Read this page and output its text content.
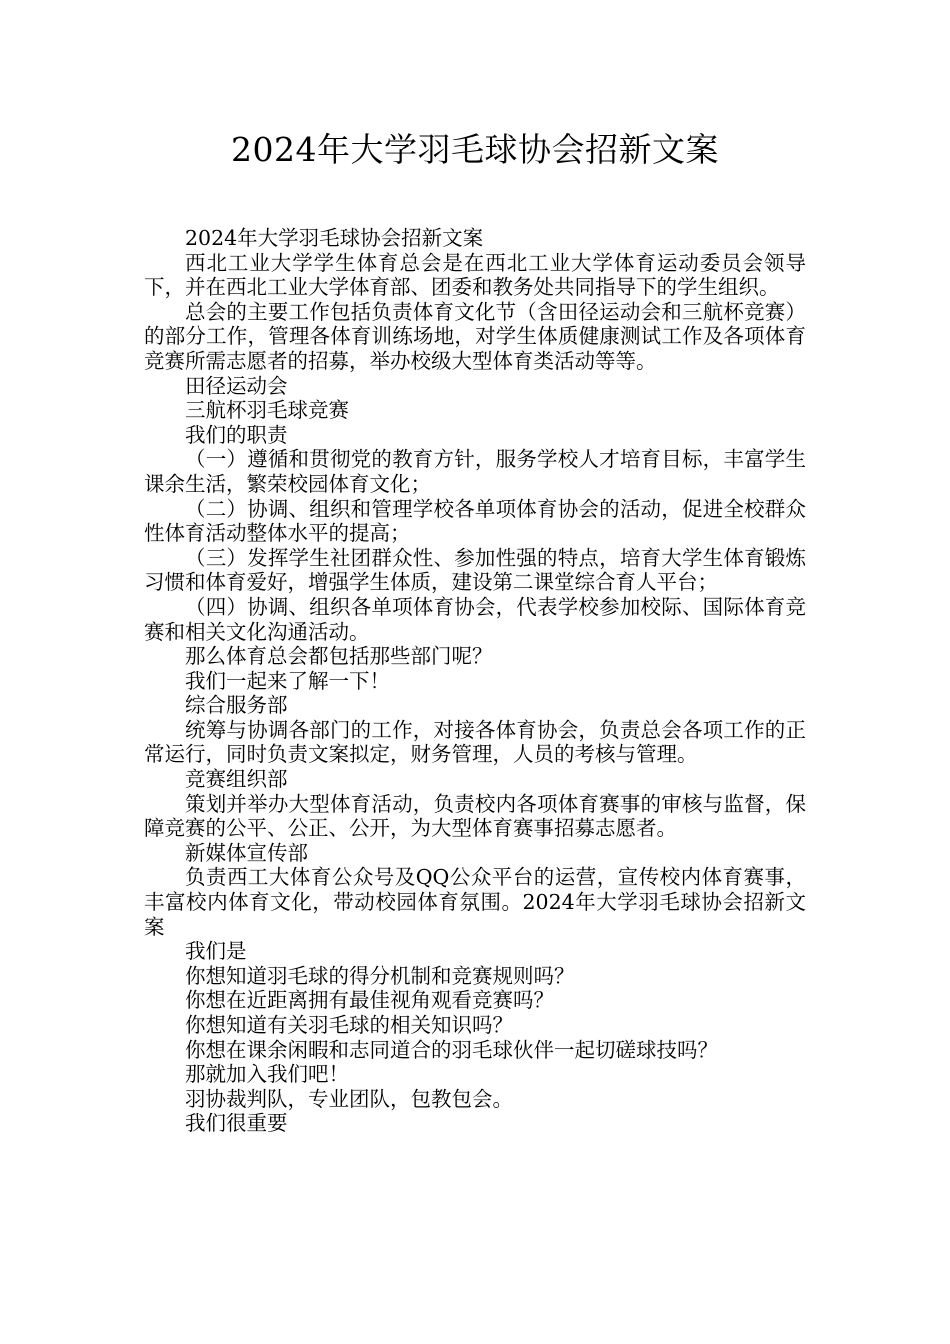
2024年大学羽毛球协会招新文案

2024年大学羽毛球协会招新文案

西北工业大学学生体育总会是在西北工业大学体育运动委员会领导下，并在西北工业大学体育部、团委和教务处共同指导下的学生组织。

总会的主要工作包括负责体育文化节（含田径运动会和三航杯竞赛）的部分工作，管理各体育训练场地，对学生体质健康测试工作及各项体育竞赛所需志愿者的招募，举办校级大型体育类活动等等。

田径运动会

三航杯羽毛球竞赛

我们的职责

（一）遵循和贯彻党的教育方针，服务学校人才培育目标，丰富学生课余生活，繁荣校园体育文化；

（二）协调、组织和管理学校各单项体育协会的活动，促进全校群众性体育活动整体水平的提高；

（三）发挥学生社团群众性、参加性强的特点，培育大学生体育锻炼习惯和体育爱好，增强学生体质，建设第二课堂综合育人平台；

（四）协调、组织各单项体育协会，代表学校参加校际、国际体育竞赛和相关文化沟通活动。

那么体育总会都包括那些部门呢？

我们一起来了解一下！

综合服务部

统筹与协调各部门的工作，对接各体育协会，负责总会各项工作的正常运行，同时负责文案拟定，财务管理，人员的考核与管理。

竞赛组织部

策划并举办大型体育活动，负责校内各项体育赛事的审核与监督，保障竞赛的公平、公正、公开，为大型体育赛事招募志愿者。

新媒体宣传部

负责西工大体育公众号及QQ公众平台的运营，宣传校内体育赛事，丰富校内体育文化，带动校园体育氛围。2024年大学羽毛球协会招新文案

我们是

你想知道羽毛球的得分机制和竞赛规则吗？

你想在近距离拥有最佳视角观看竞赛吗？

你想知道有关羽毛球的相关知识吗？

你想在课余闲暇和志同道合的羽毛球伙伴一起切磋球技吗？

那就加入我们吧！

羽协裁判队，专业团队，包教包会。

我们很重要
